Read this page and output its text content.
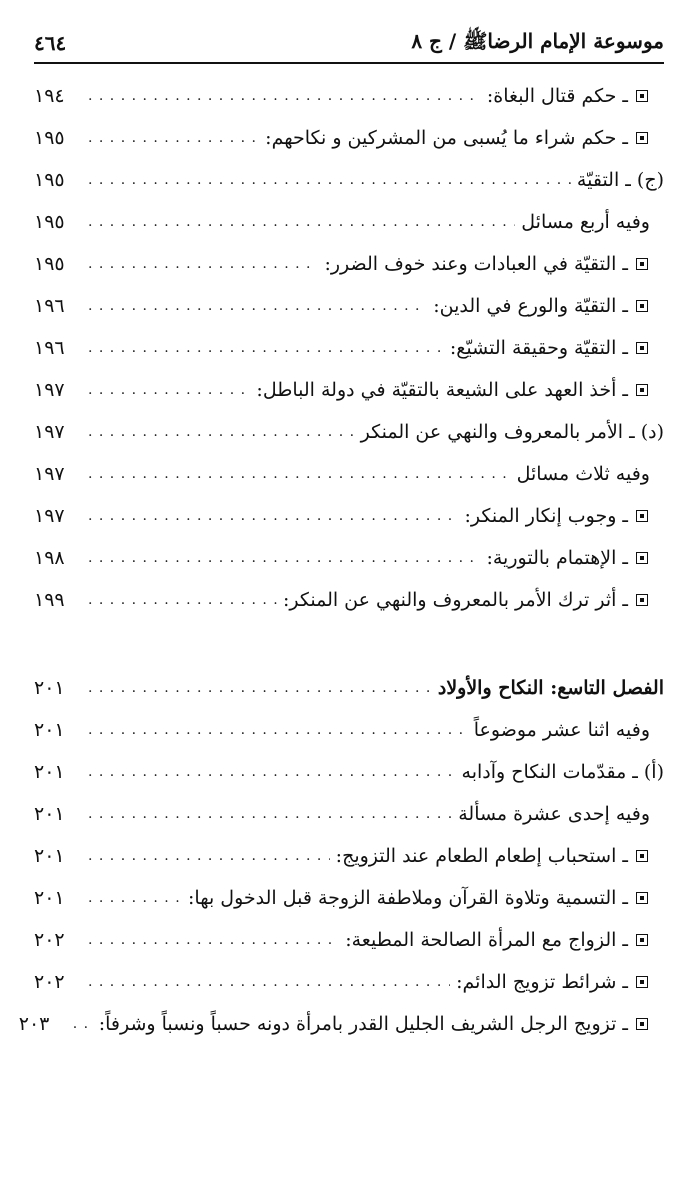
موسوعة الإمام الرضاﷺ / ج ٨
٤٦٤
ـ حكم قتال البغاة:
. . .
١٩٤
ـ حكم شراء ما يُسبى من المشركين و نكاحهم:
. . .
١٩٥
(ج) ـ التقيّة
. . .
١٩٥
وفيه أربع مسائل
. . .
١٩٥
ـ التقيّة في العبادات وعند خوف الضرر:
. . .
١٩٥
ـ التقيّة والورع في الدين:
. . .
١٩٦
ـ التقيّة وحقيقة التشيّع:
. . .
١٩٦
ـ أخذ العهد على الشيعة بالتقيّة في دولة الباطل:
. . .
١٩٧
(د) ـ الأمر بالمعروف والنهي عن المنكر
. . .
١٩٧
وفيه ثلاث مسائل
. . .
١٩٧
ـ وجوب إنكار المنكر:
. . .
١٩٧
ـ الإهتمام بالتورية:
. . .
١٩٨
ـ أثر ترك الأمر بالمعروف والنهي عن المنكر:
. . .
١٩٩
الفصل التاسع: النكاح والأولاد
. . .
٢٠١
وفيه اثنا عشر موضوعاً
. . .
٢٠١
(أ) ـ مقدّمات النكاح وآدابه
. . .
٢٠١
وفيه إحدى عشرة مسألة
. . .
٢٠١
ـ استحباب إطعام الطعام عند التزويج:
. . .
٢٠١
ـ التسمية وتلاوة القرآن وملاطفة الزوجة قبل الدخول بها:
. . .
٢٠١
ـ الزواج مع المرأة الصالحة المطيعة:
. . .
٢٠٢
ـ شرائط تزويج الدائم:
. . .
٢٠٢
ـ تزويج الرجل الشريف الجليل القدر بامرأة دونه حسباً ونسباً وشرفاً:
. . .
٢٠٣
